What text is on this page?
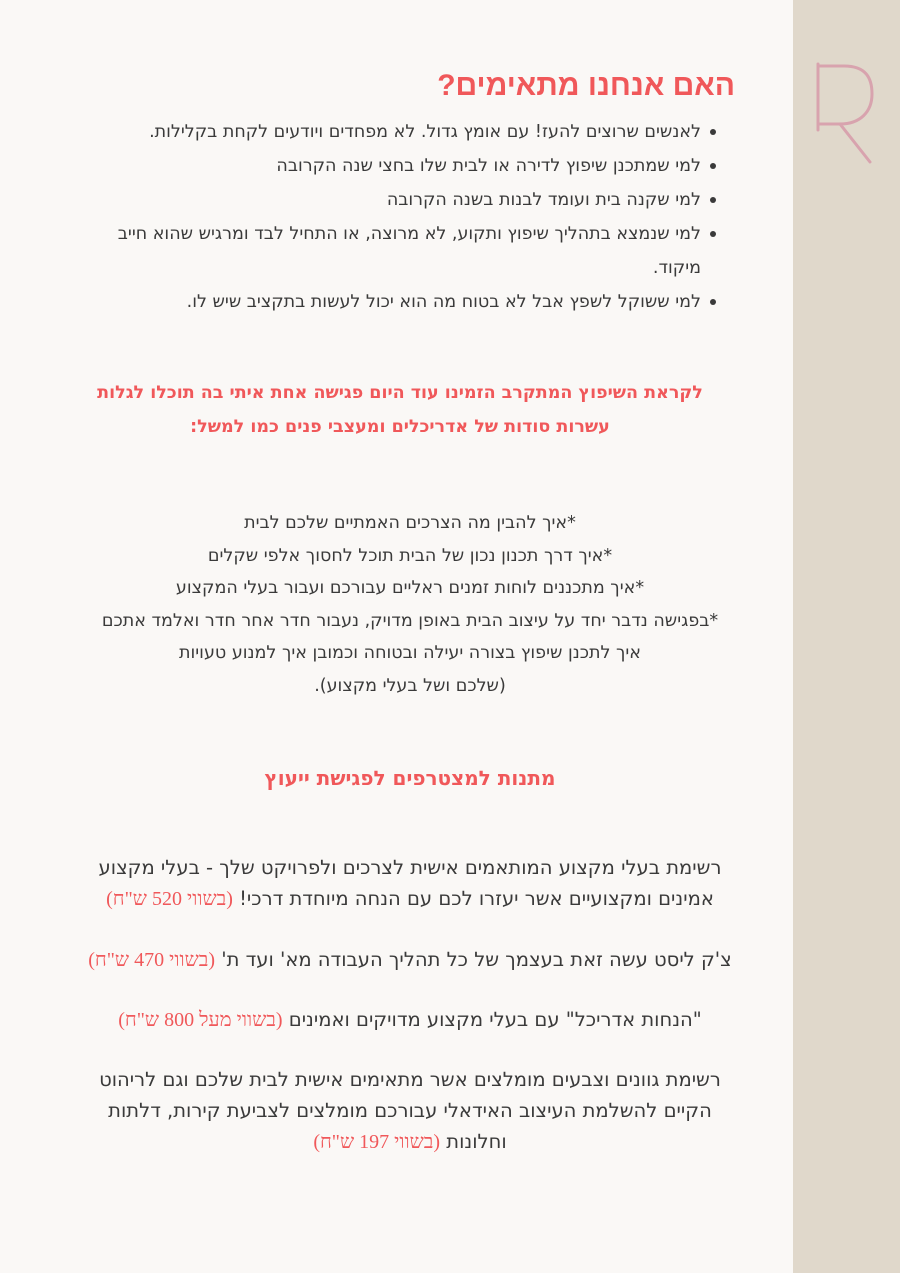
האם אנחנו מתאימים?
לאנשים שרוצים להעז! עם אומץ גדול. לא מפחדים ויודעים לקחת בקלילות.
למי שמתכנן שיפוץ לדירה או לבית שלו בחצי שנה הקרובה
למי שקנה בית ועומד לבנות בשנה הקרובה
למי שנמצא בתהליך שיפוץ ותקוע, לא מרוצה, או התחיל לבד ומרגיש שהוא חייב
מיקוד.
למי ששוקל לשפץ אבל לא בטוח מה הוא יכול לעשות בתקציב שיש לו.

לקראת השיפוץ המתקרב הזמינו עוד היום פגישה אחת איתי בה תוכלו לגלות
עשרות סודות של אדריכלים ומעצבי פנים כמו למשל:

*איך להבין מה הצרכים האמתיים שלכם לבית
*איך דרך תכנון נכון של הבית תוכל לחסוך אלפי שקלים
*איך מתכננים לוחות זמנים ראליים עבורכם ועבור בעלי המקצוע
*בפגישה נדבר יחד על עיצוב הבית באופן מדויק, נעבור חדר אחר חדר ואלמד אתכם
איך לתכנן שיפוץ בצורה יעילה ובטוחה וכמובן איך למנוע טעויות
(שלכם ושל בעלי מקצוע).
מתנות למצטרפים לפגישת ייעוץ

רשימת בעלי מקצוע המותאמים אישית לצרכים ולפרויקט שלך - בעלי מקצוע
אמינים ומקצועיים אשר יעזרו לכם עם הנחה מיוחדת דרכי! (בשווי 520 ש"ח)

צ'ק ליסט עשה זאת בעצמך של כל תהליך העבודה מא' ועד ת' (בשווי 470 ש"ח)

"הנחות אדריכל" עם בעלי מקצוע מדויקים ואמינים (בשווי מעל 800 ש"ח)

רשימת גוונים וצבעים מומלצים אשר מתאימים אישית לבית שלכם וגם לריהוט
הקיים להשלמת העיצוב האידאלי עבורכם מומלצים לצביעת קירות, דלתות
וחלונות (בשווי 197 ש"ח)
